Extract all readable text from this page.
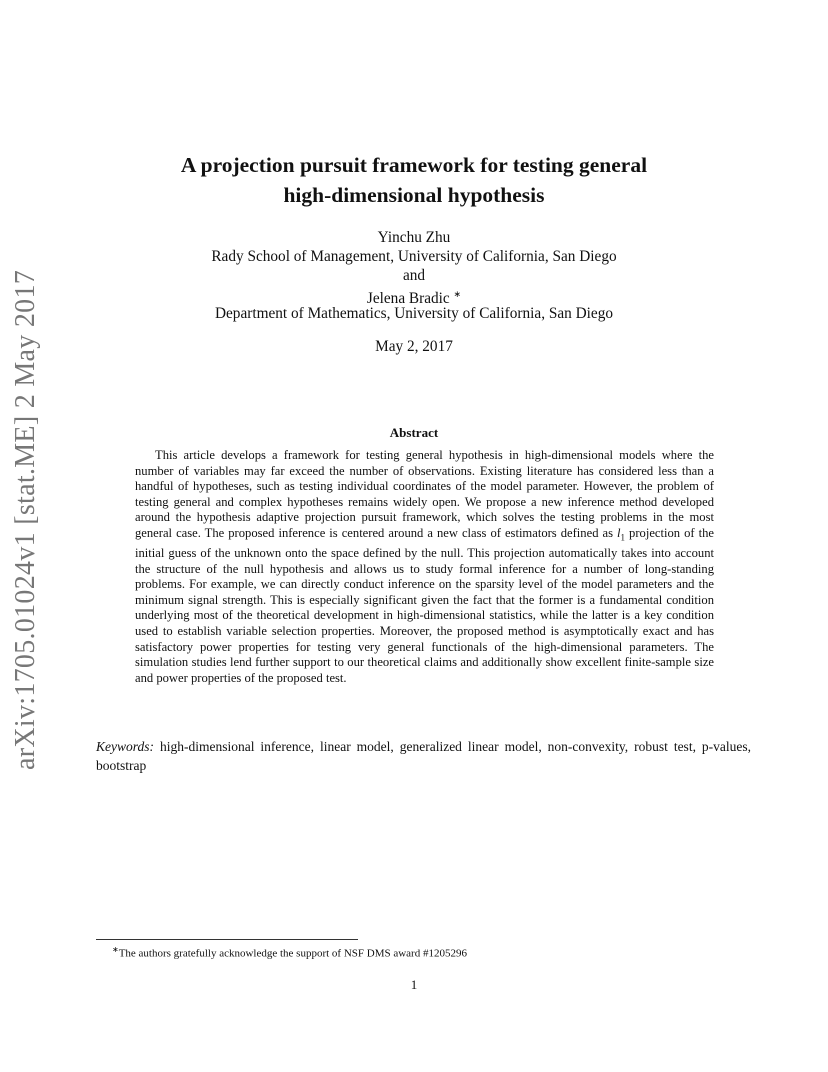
arXiv:1705.01024v1 [stat.ME] 2 May 2017
A projection pursuit framework for testing general
high-dimensional hypothesis
Yinchu Zhu
Rady School of Management, University of California, San Diego
and
Jelena Bradic ∗
Department of Mathematics, University of California, San Diego
May 2, 2017
Abstract
This article develops a framework for testing general hypothesis in high-dimensional models where the number of variables may far exceed the number of observations. Existing literature has considered less than a handful of hypotheses, such as testing individual coordinates of the model parameter. However, the problem of testing general and complex hypotheses remains widely open. We propose a new inference method developed around the hypothesis adaptive projection pursuit framework, which solves the testing problems in the most general case. The proposed inference is centered around a new class of estimators defined as $l_1$ projection of the initial guess of the unknown onto the space defined by the null. This projection automatically takes into account the structure of the null hypothesis and allows us to study formal inference for a number of long-standing problems. For example, we can directly conduct inference on the sparsity level of the model parameters and the minimum signal strength. This is especially significant given the fact that the former is a fundamental condition underlying most of the theoretical development in high-dimensional statistics, while the latter is a key condition used to establish variable selection properties. Moreover, the proposed method is asymptotically exact and has satisfactory power properties for testing very general functionals of the high-dimensional parameters. The simulation studies lend further support to our theoretical claims and additionally show excellent finite-sample size and power properties of the proposed test.
Keywords: high-dimensional inference, linear model, generalized linear model, non-convexity, robust test, p-values, bootstrap
∗The authors gratefully acknowledge the support of NSF DMS award #1205296
1
